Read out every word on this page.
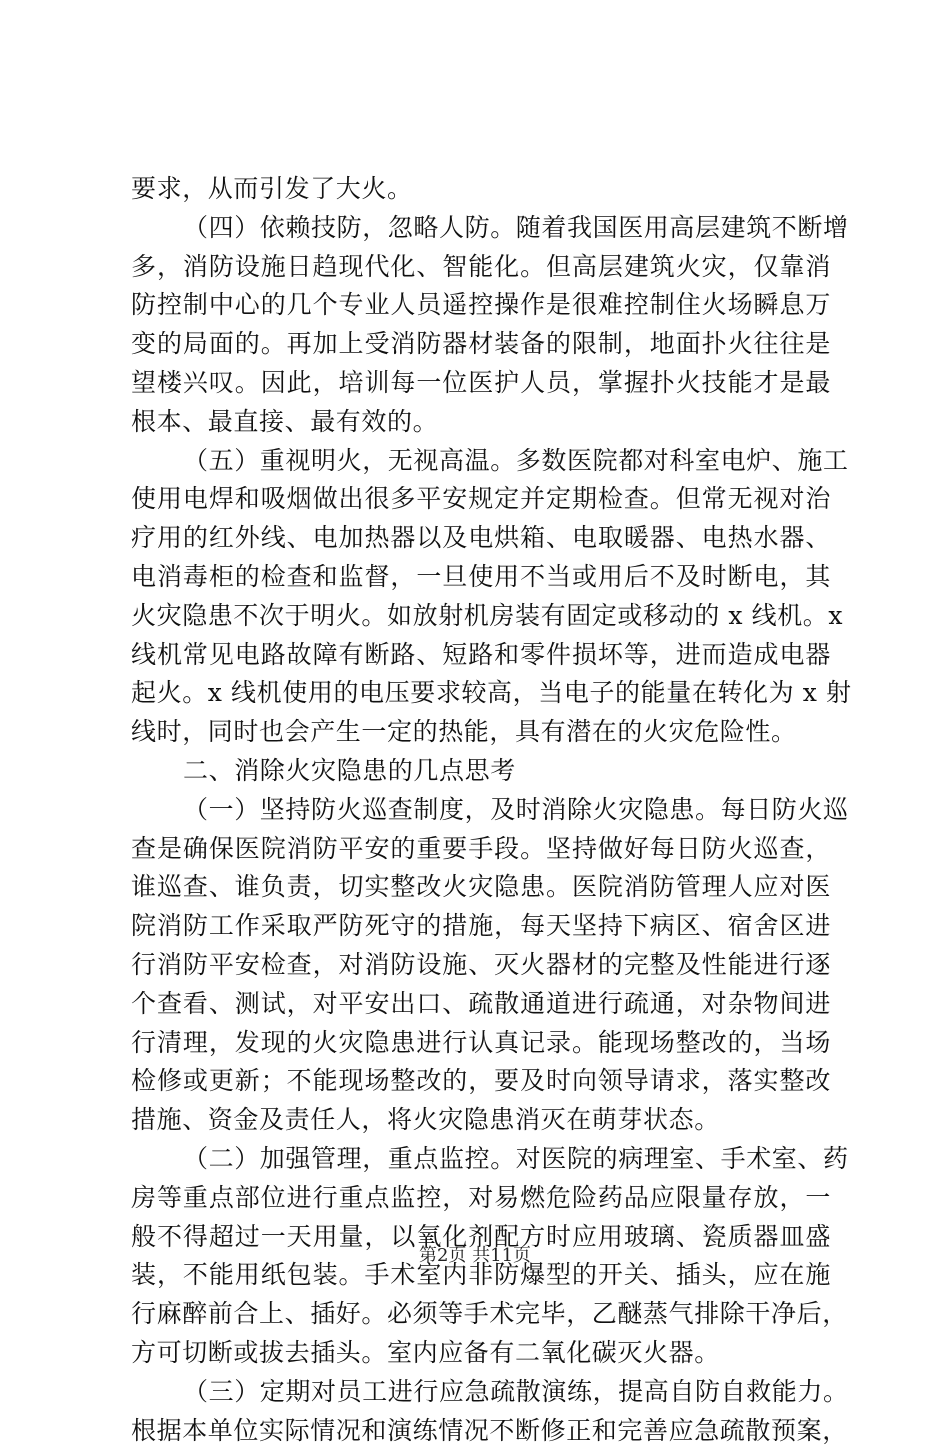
要求，从而引发了大火。
（四）依赖技防，忽略人防。随着我国医用高层建筑不断增
多，消防设施日趋现代化、智能化。但高层建筑火灾，仅靠消
防控制中心的几个专业人员遥控操作是很难控制住火场瞬息万
变的局面的。再加上受消防器材装备的限制，地面扑火往往是
望楼兴叹。因此，培训每一位医护人员，掌握扑火技能才是最
根本、最直接、最有效的。
（五）重视明火，无视高温。多数医院都对科室电炉、施工
使用电焊和吸烟做出很多平安规定并定期检查。但常无视对治
疗用的红外线、电加热器以及电烘箱、电取暖器、电热水器、
电消毒柜的检查和监督，一旦使用不当或用后不及时断电，其
火灾隐患不次于明火。如放射机房装有固定或移动的 x 线机。x
线机常见电路故障有断路、短路和零件损坏等，进而造成电器
起火。x 线机使用的电压要求较高，当电子的能量在转化为 x 射
线时，同时也会产生一定的热能，具有潜在的火灾危险性。
二、消除火灾隐患的几点思考
（一）坚持防火巡查制度，及时消除火灾隐患。每日防火巡
查是确保医院消防平安的重要手段。坚持做好每日防火巡查，
谁巡查、谁负责，切实整改火灾隐患。医院消防管理人应对医
院消防工作采取严防死守的措施，每天坚持下病区、宿舍区进
行消防平安检查，对消防设施、灭火器材的完整及性能进行逐
个查看、测试，对平安出口、疏散通道进行疏通，对杂物间进
行清理，发现的火灾隐患进行认真记录。能现场整改的，当场
检修或更新；不能现场整改的，要及时向领导请求，落实整改
措施、资金及责任人，将火灾隐患消灭在萌芽状态。
（二）加强管理，重点监控。对医院的病理室、手术室、药
房等重点部位进行重点监控，对易燃危险药品应限量存放，一
般不得超过一天用量，以氧化剂配方时应用玻璃、瓷质器皿盛
装，不能用纸包装。手术室内非防爆型的开关、插头，应在施
行麻醉前合上、插好。必须等手术完毕，乙醚蒸气排除干净后，
方可切断或拔去插头。室内应备有二氧化碳灭火器。
（三）定期对员工进行应急疏散演练，提高自防自救能力。
根据本单位实际情况和演练情况不断修正和完善应急疏散预案，
第2页 共11页
